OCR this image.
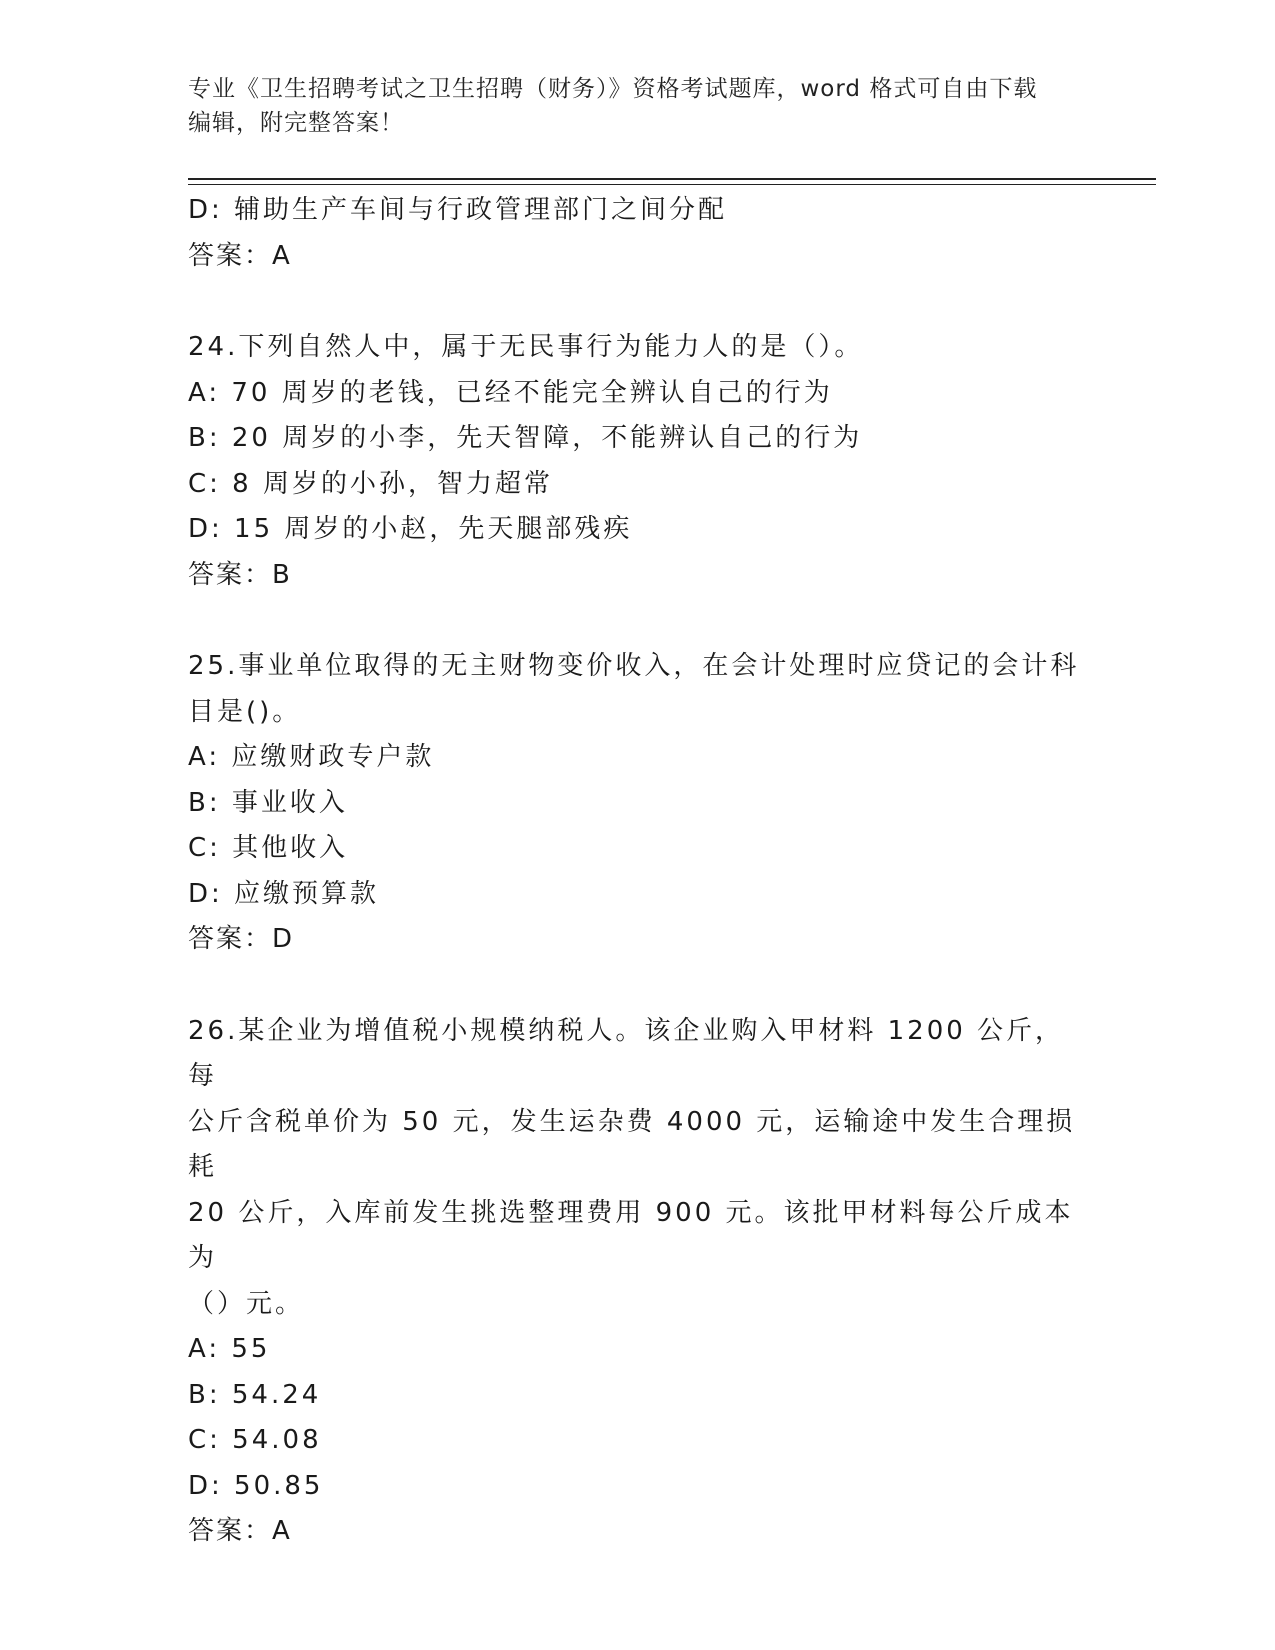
专业《卫生招聘考试之卫生招聘（财务）》资格考试题库，word 格式可自由下载
编辑，附完整答案！
D: 辅助生产车间与行政管理部门之间分配
答案：A
24.下列自然人中，属于无民事行为能力人的是（）。
A: 70 周岁的老钱，已经不能完全辨认自己的行为
B: 20 周岁的小李，先天智障，不能辨认自己的行为
C: 8 周岁的小孙，智力超常
D: 15 周岁的小赵，先天腿部残疾
答案：B
25.事业单位取得的无主财物变价收入，在会计处理时应贷记的会计科
目是()。
A: 应缴财政专户款
B: 事业收入
C: 其他收入
D: 应缴预算款
答案：D
26.某企业为增值税小规模纳税人。该企业购入甲材料 1200 公斤，每
公斤含税单价为 50 元，发生运杂费 4000 元，运输途中发生合理损耗
20 公斤，入库前发生挑选整理费用 900 元。该批甲材料每公斤成本为
（）元。
A: 55
B: 54.24
C: 54.08
D: 50.85
答案：A
